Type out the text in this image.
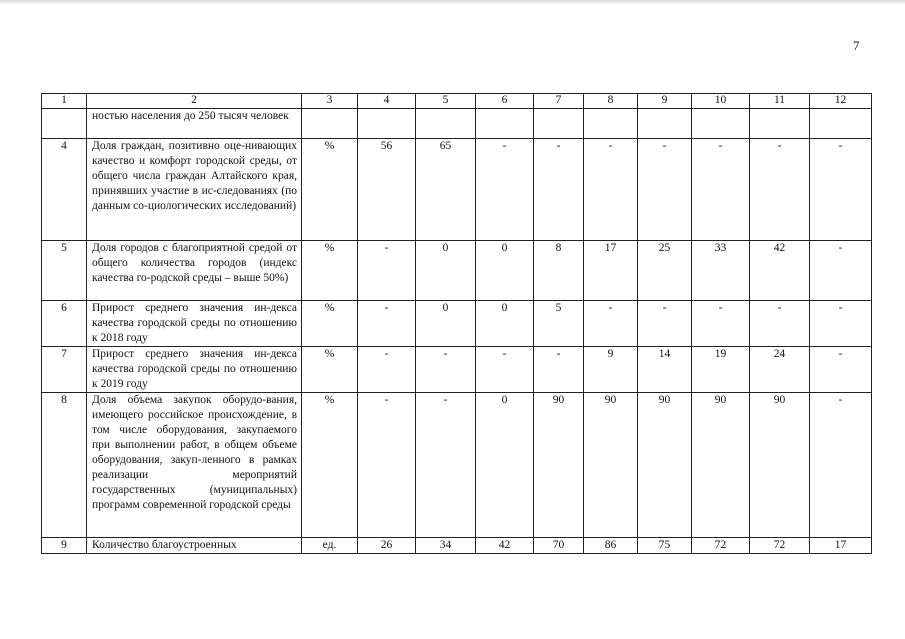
7
1	2	3	4	5	6	7	8	9	10	11	12
	ностью населения до 250 тысяч человек										
4	Доля граждан, позитивно оце-нивающих качество и комфорт городской среды, от общего числа граждан Алтайского края, принявших участие в ис-следованиях (по данным со-циологических исследований)	%	56	65	-	-	-	-	-	-	-
5	Доля городов с благоприятной средой от общего количества городов (индекс качества го-родской среды – выше 50%)	%	-	0	0	8	17	25	33	42	-
6	Прирост среднего значения ин-декса качества городской среды по отношению к 2018 году	%	-	0	0	5	-	-	-	-	-
7	Прирост среднего значения ин-декса качества городской среды по отношению к 2019 году	%	-	-	-	-	9	14	19	24	-
8	Доля объема закупок оборудо-вания, имеющего российское происхождение, в том числе оборудования, закупаемого при выполнении работ, в общем объеме оборудования, закуп-ленного в рамках реализации мероприятий государственных (муниципальных) программ современной городской среды	%	-	-	0	90	90	90	90	90	-
9	Количество благоустроенных	ед.	26	34	42	70	86	75	72	72	17
